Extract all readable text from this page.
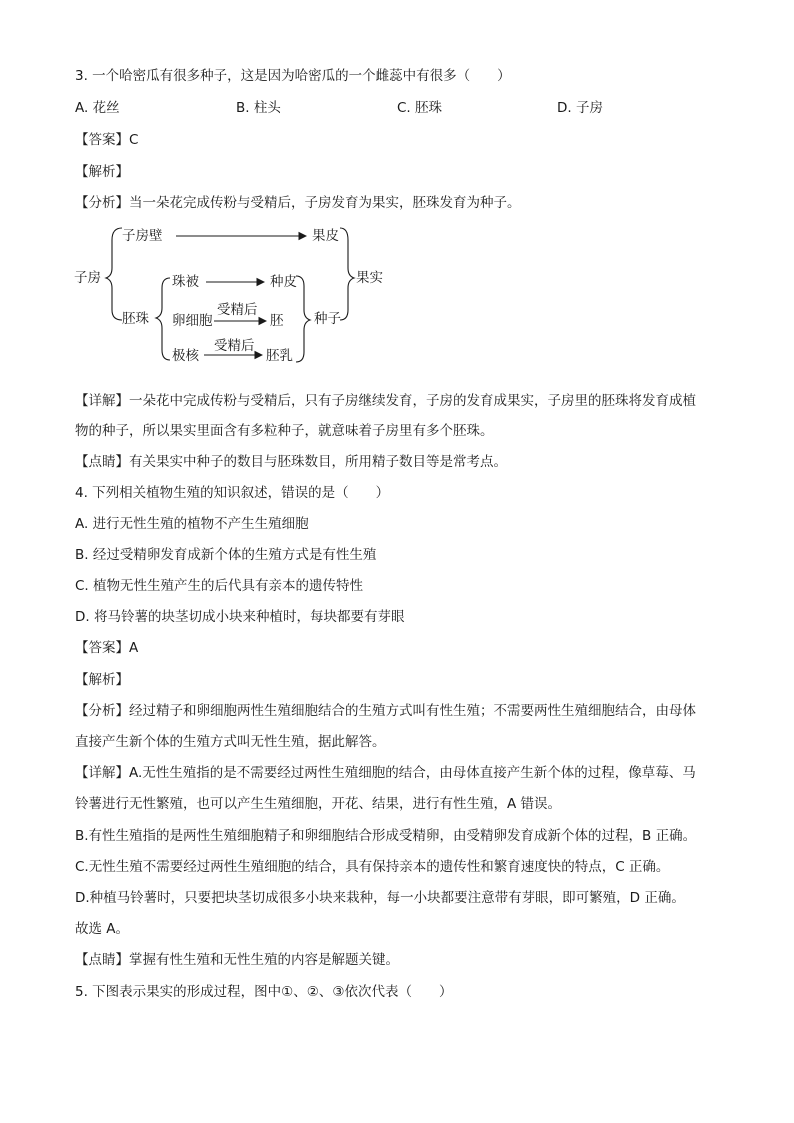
3. 一个哈密瓜有很多种子，这是因为哈密瓜的一个雌蕊中有很多（　　）
A. 花丝	B. 柱头	C. 胚珠	D. 子房
【答案】C
【解析】
【分析】当一朵花完成传粉与受精后，子房发育为果实，胚珠发育为种子。
子房
子房壁	果皮
果实
珠被	种皮
胚珠 卵细胞
受精后
胚 种子
极核
受精后
胚乳
【详解】一朵花中完成传粉与受精后，只有子房继续发育，子房的发育成果实，子房里的胚珠将发育成植
物的种子，所以果实里面含有多粒种子，就意味着子房里有多个胚珠。
【点睛】有关果实中种子的数目与胚珠数目，所用精子数目等是常考点。
4. 下列相关植物生殖的知识叙述，错误的是（　　）
A. 进行无性生殖的植物不产生生殖细胞
B. 经过受精卵发育成新个体的生殖方式是有性生殖
C. 植物无性生殖产生的后代具有亲本的遗传特性
D. 将马铃薯的块茎切成小块来种植时，每块都要有芽眼
【答案】A
【解析】
【分析】经过精子和卵细胞两性生殖细胞结合的生殖方式叫有性生殖；不需要两性生殖细胞结合，由母体
直接产生新个体的生殖方式叫无性生殖，据此解答。
【详解】A.无性生殖指的是不需要经过两性生殖细胞的结合，由母体直接产生新个体的过程，像草莓、马
铃薯进行无性繁殖，也可以产生生殖细胞，开花、结果，进行有性生殖，A 错误。
B.有性生殖指的是两性生殖细胞精子和卵细胞结合形成受精卵，由受精卵发育成新个体的过程，B 正确。
C.无性生殖不需要经过两性生殖细胞的结合，具有保持亲本的遗传性和繁育速度快的特点，C 正确。
D.种植马铃薯时，只要把块茎切成很多小块来栽种，每一小块都要注意带有芽眼，即可繁殖，D 正确。
故选 A。
【点睛】掌握有性生殖和无性生殖的内容是解题关键。
5. 下图表示果实的形成过程，图中①、②、③依次代表（　　）
